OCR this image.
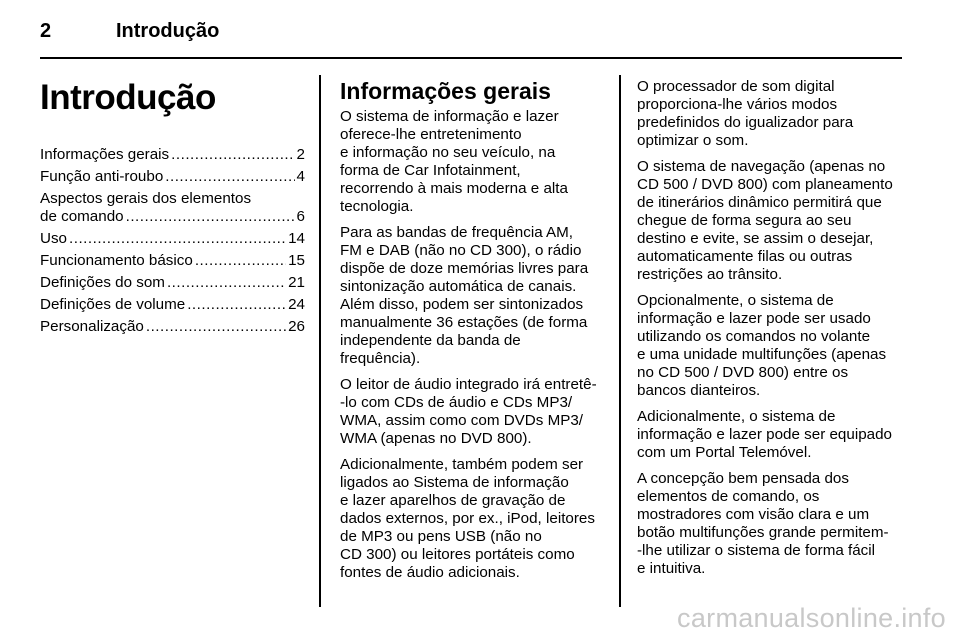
2	Introdução
Introdução
Informações gerais .....	2
Função anti-roubo .....	4
Aspectos gerais dos elementos
de comando .....	6
Uso .....	14
Funcionamento básico .....	15
Definições do som .....	21
Definições de volume .....	24
Personalização .....	26
Informações gerais

O sistema de informação e lazer
oferece-lhe entretenimento
e informação no seu veículo, na
forma de Car Infotainment,
recorrendo à mais moderna e alta
tecnologia.

Para as bandas de frequência AM,
FM e DAB (não no CD 300), o rádio
dispõe de doze memórias livres para
sintonização automática de canais.
Além disso, podem ser sintonizados
manualmente 36 estações (de forma
independente da banda de
frequência).

O leitor de áudio integrado irá entretê-
-lo com CDs de áudio e CDs MP3/
WMA, assim como com DVDs MP3/
WMA (apenas no DVD 800).

Adicionalmente, também podem ser
ligados ao Sistema de informação
e lazer aparelhos de gravação de
dados externos, por ex., iPod, leitores
de MP3 ou pens USB (não no
CD 300) ou leitores portáteis como
fontes de áudio adicionais.

O processador de som digital
proporciona-lhe vários modos
predefinidos do igualizador para
optimizar o som.

O sistema de navegação (apenas no
CD 500 / DVD 800) com planeamento
de itinerários dinâmico permitirá que
chegue de forma segura ao seu
destino e evite, se assim o desejar,
automaticamente filas ou outras
restrições ao trânsito.

Opcionalmente, o sistema de
informação e lazer pode ser usado
utilizando os comandos no volante
e uma unidade multifunções (apenas
no CD 500 / DVD 800) entre os
bancos dianteiros.

Adicionalmente, o sistema de
informação e lazer pode ser equipado
com um Portal Telemóvel.

A concepção bem pensada dos
elementos de comando, os
mostradores com visão clara e um
botão multifunções grande permitem-
-lhe utilizar o sistema de forma fácil
e intuitiva.

carmanualsonline.info
